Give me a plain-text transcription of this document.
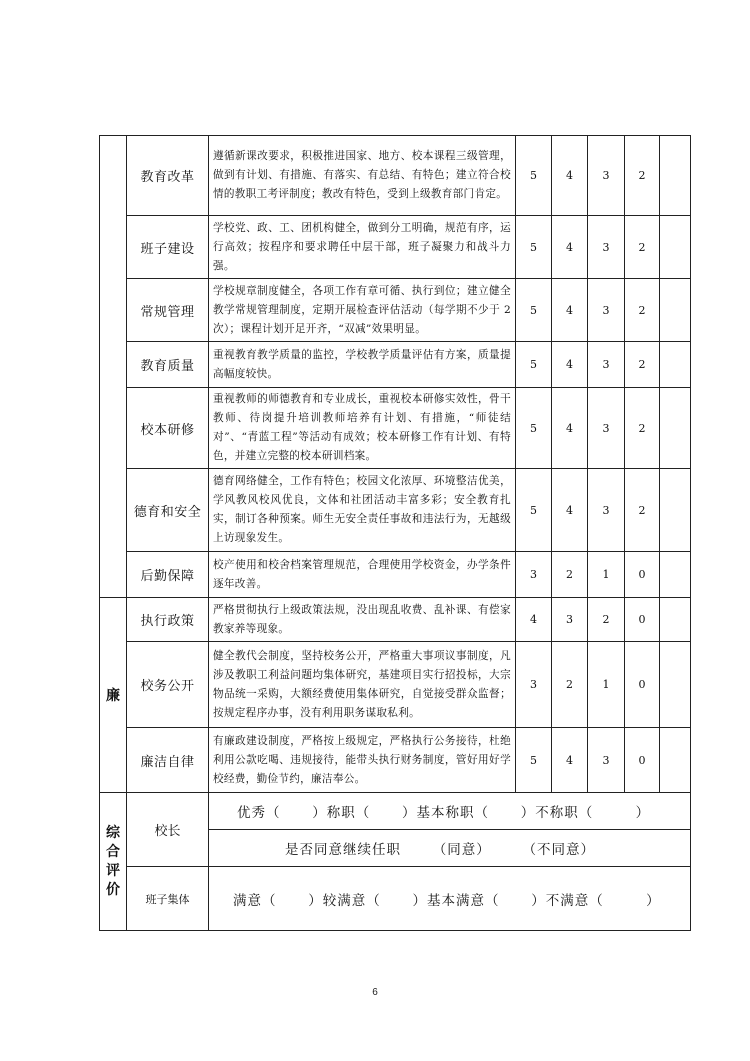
	教育改革	遵循新课改要求，积极推进国家、地方、校本课程三级管理，做到有计划、有措施、有落实、有总结、有特色；建立符合校情的教职工考评制度；教改有特色，受到上级教育部门肯定。	5	4	3	2	
	班子建设	学校党、政、工、团机构健全，做到分工明确，规范有序，运行高效；按程序和要求聘任中层干部，班子凝聚力和战斗力强。	5	4	3	2	
	常规管理	学校规章制度健全，各项工作有章可循、执行到位；建立健全教学常规管理制度，定期开展检查评估活动（每学期不少于 2 次）；课程计划开足开齐，“双减”效果明显。	5	4	3	2	
	教育质量	重视教育教学质量的监控，学校教学质量评估有方案，质量提高幅度较快。	5	4	3	2	
	校本研修	重视教师的师德教育和专业成长，重视校本研修实效性，骨干教师、待岗提升培训教师培养有计划、有措施，“师徒结对”、“青蓝工程”等活动有成效；校本研修工作有计划、有特色，并建立完整的校本研训档案。	5	4	3	2	
	德育和安全	德育网络健全，工作有特色；校园文化浓厚、环境整洁优美，学风教风校风优良，文体和社团活动丰富多彩；安全教育扎实，制订各种预案。师生无安全责任事故和违法行为，无越级上访现象发生。	5	4	3	2	
	后勤保障	校产使用和校舍档案管理规范，合理使用学校资金，办学条件逐年改善。	3	2	1	0	
廉	执行政策	严格贯彻执行上级政策法规，没出现乱收费、乱补课、有偿家教家养等现象。	4	3	2	0	
	校务公开	健全教代会制度，坚持校务公开，严格重大事项议事制度，凡涉及教职工利益问题均集体研究，基建项目实行招投标，大宗物品统一采购，大额经费使用集体研究，自觉接受群众监督；按规定程序办事，没有利用职务谋取私利。	3	2	1	0	
	廉洁自律	有廉政建设制度，严格按上级规定，严格执行公务接待，杜绝利用公款吃喝、违规接待，能带头执行财务制度，管好用好学校经费，勤俭节约，廉洁奉公。	5	4	3	0	
综合评价	校长	优秀（      ）称职（      ）基本称职（      ）不称职（        ）					
		是否同意继续任职      （同意）      （不同意）					
	班子集体	满意（      ）较满意（      ）基本满意（      ）不满意（        ）					
6
